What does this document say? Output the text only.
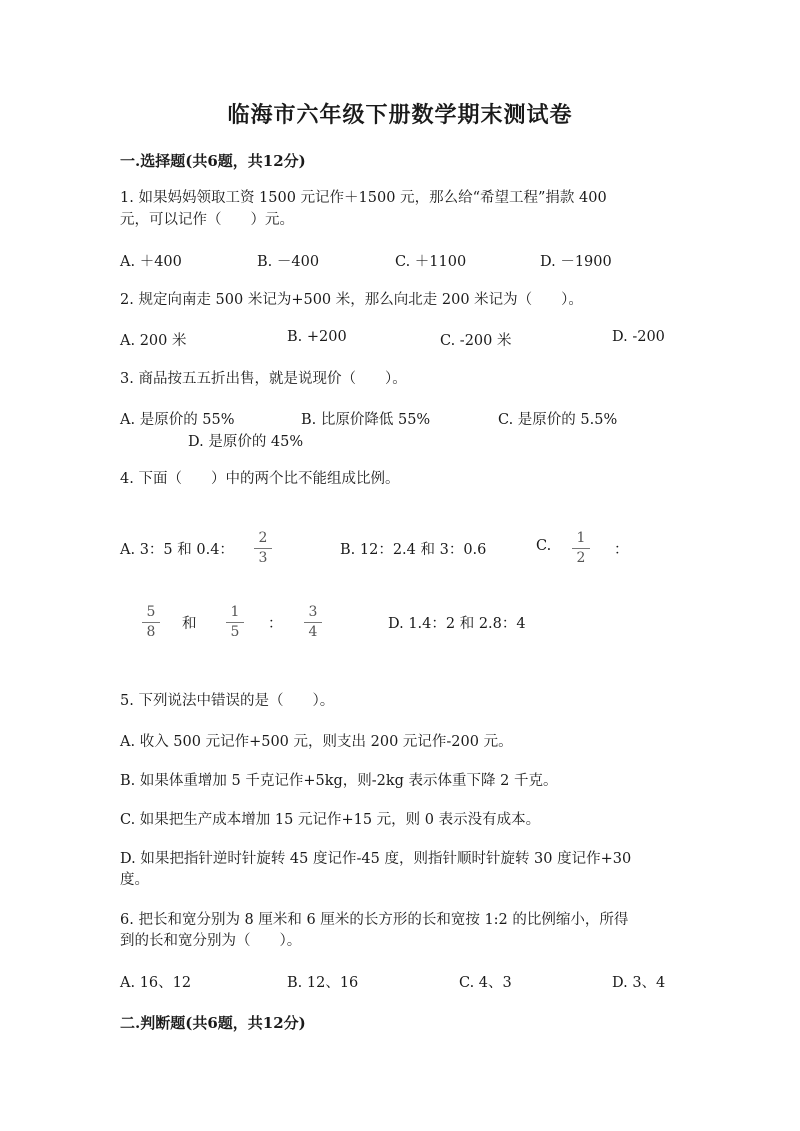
临海市六年级下册数学期末测试卷
一.选择题(共6题，共12分)
1. 如果妈妈领取工资 1500 元记作＋1500 元，那么给“希望工程”捐款 400
元，可以记作（　　）元。
A. ＋400	B. －400	C. ＋1100	D. －1900
2. 规定向南走 500 米记为+500 米，那么向北走 200 米记为（　　）。
A. 200 米	B. +200	C. -200 米	D. -200
3. 商品按五五折出售，就是说现价（　　）。
A. 是原价的 55%	B. 比原价降低 55%	C. 是原价的 5.5%
D. 是原价的 45%
4. 下面（　　）中的两个比不能组成比例。
A. 3：5 和 0.4：
2
3	B. 12：2.4 和 3：0.6	C.	1
2	：
5
8	和
1
5	：
3
4	D. 1.4：2 和 2.8：4
5. 下列说法中错误的是（　　）。
A. 收入 500 元记作+500 元，则支出 200 元记作-200 元。
B. 如果体重增加 5 千克记作+5kg，则-2kg 表示体重下降 2 千克。
C. 如果把生产成本增加 15 元记作+15 元，则 0 表示没有成本。
D. 如果把指针逆时针旋转 45 度记作-45 度，则指针顺时针旋转 30 度记作+30
度。
6. 把长和宽分别为 8 厘米和 6 厘米的长方形的长和宽按 1:2 的比例缩小，所得
到的长和宽分别为（　　）。
A. 16、12	B. 12、16	C. 4、3	D. 3、4
二.判断题(共6题，共12分)
